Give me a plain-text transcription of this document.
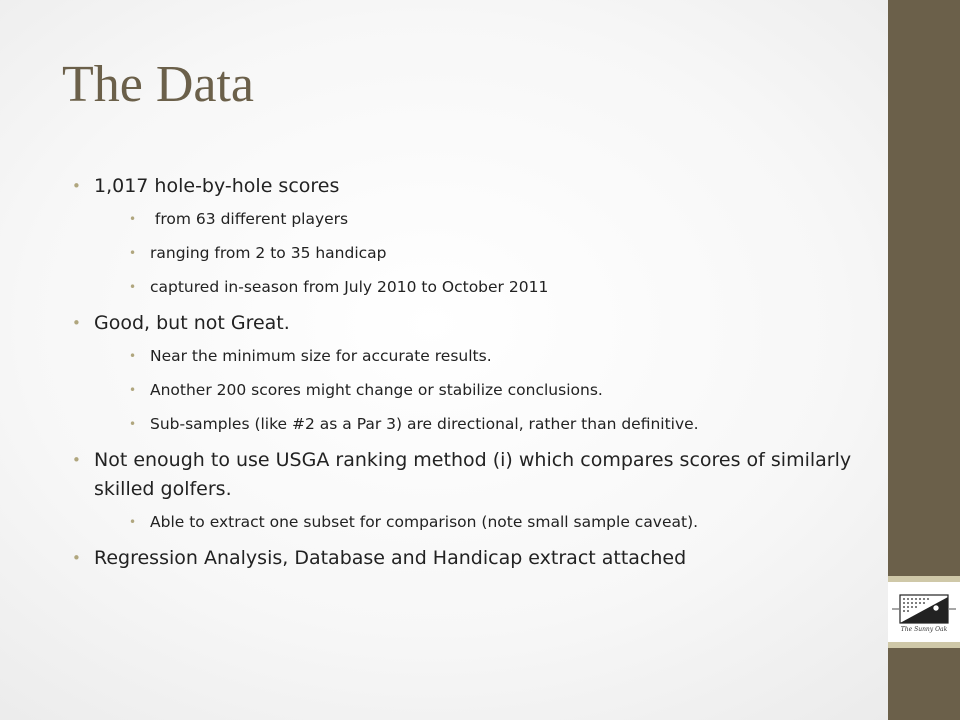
The Sunny Oak
The Data
• 1,017 hole-by-hole scores
• from 63 different players
• ranging from 2 to 35 handicap
• captured in-season from July 2010 to October 2011
• Good, but not Great.
• Near the minimum size for accurate results.
• Another 200 scores might change or stabilize conclusions.
• Sub-samples (like #2 as a Par 3) are directional, rather than definitive.
• Not enough to use USGA ranking method (i) which compares scores of similarly skilled golfers.
• Able to extract one subset for comparison (note small sample caveat).
• Regression Analysis, Database and Handicap extract attached
